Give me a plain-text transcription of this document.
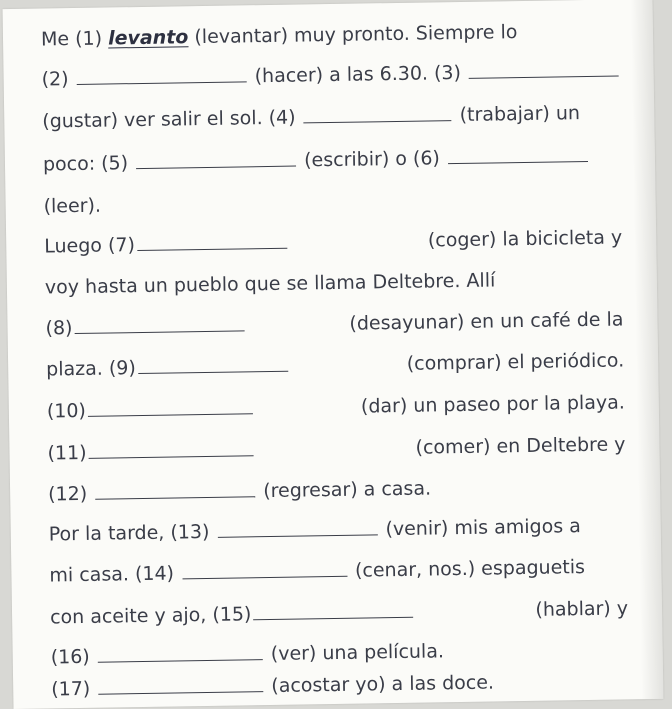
Me (1) levanto (levantar) muy pronto. Siempre lo
(2)	(hacer) a las 6.30. (3)
(gustar) ver salir el sol. (4)	(trabajar) un
poco: (5)	(escribir) o (6)
(leer).
Luego (7)	(coger) la bicicleta y
voy hasta un pueblo que se llama Deltebre. Allí
(8)	(desayunar) en un café de la
plaza. (9)	(comprar) el periódico.
(10)	(dar) un paseo por la playa.
(11)	(comer) en Deltebre y
(12)	(regresar) a casa.
Por la tarde, (13)	(venir) mis amigos a
mi casa. (14)	(cenar, nos.) espaguetis
con aceite y ajo, (15)	(hablar) y
(16)	(ver) una película.
(17)	(acostar yo) a las doce.
